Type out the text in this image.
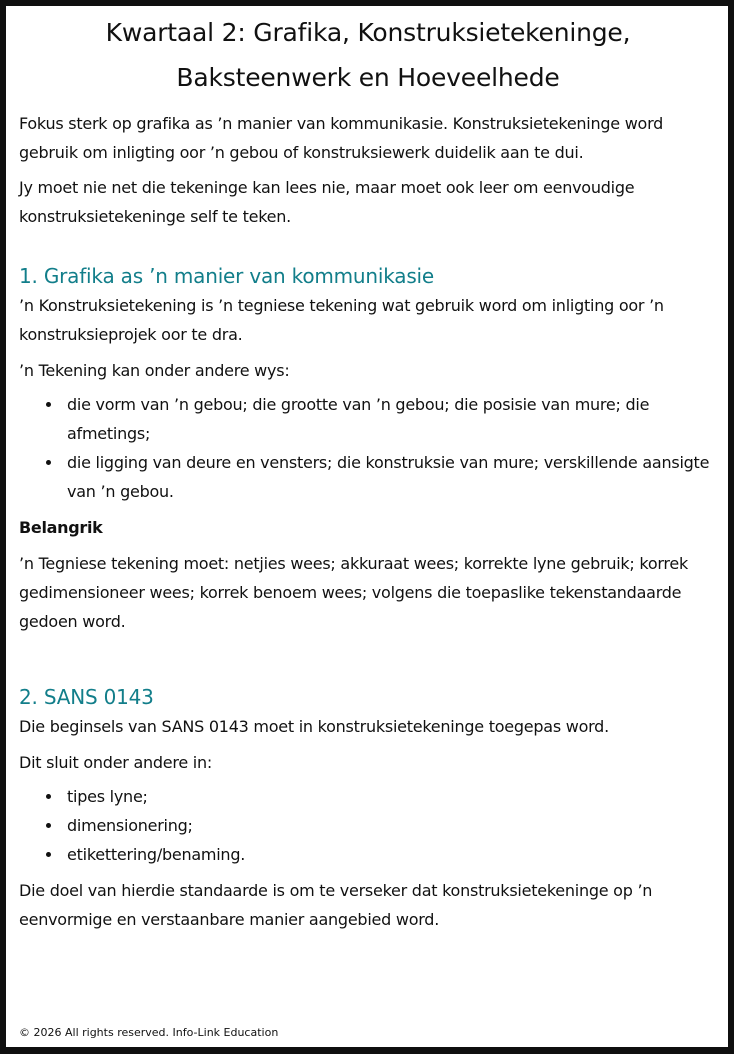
Kwartaal 2: Grafika, Konstruksietekeninge, Baksteenwerk en Hoeveelhede

Fokus sterk op grafika as ’n manier van kommunikasie. Konstruksietekeninge word gebruik om inligting oor ’n gebou of konstruksiewerk duidelik aan te dui.

Jy moet nie net die tekeninge kan lees nie, maar moet ook leer om eenvoudige konstruksietekeninge self te teken.

1. Grafika as ’n manier van kommunikasie

’n Konstruksietekening is ’n tegniese tekening wat gebruik word om inligting oor ’n konstruksieprojek oor te dra.

’n Tekening kan onder andere wys:

die vorm van ’n gebou; die grootte van ’n gebou; die posisie van mure; die afmetings;
die ligging van deure en vensters; die konstruksie van mure; verskillende aansigte van ’n gebou.
Belangrik

’n Tegniese tekening moet: netjies wees; akkuraat wees; korrekte lyne gebruik; korrek gedimensioneer wees; korrek benoem wees; volgens die toepaslike tekenstandaarde gedoen word.

2. SANS 0143

Die beginsels van SANS 0143 moet in konstruksietekeninge toegepas word.

Dit sluit onder andere in:

tipes lyne;
dimensionering;
etikettering/benaming.

Die doel van hierdie standaarde is om te verseker dat konstruksietekeninge op ’n eenvormige en verstaanbare manier aangebied word.

© 2026 All rights reserved. Info-Link Education
